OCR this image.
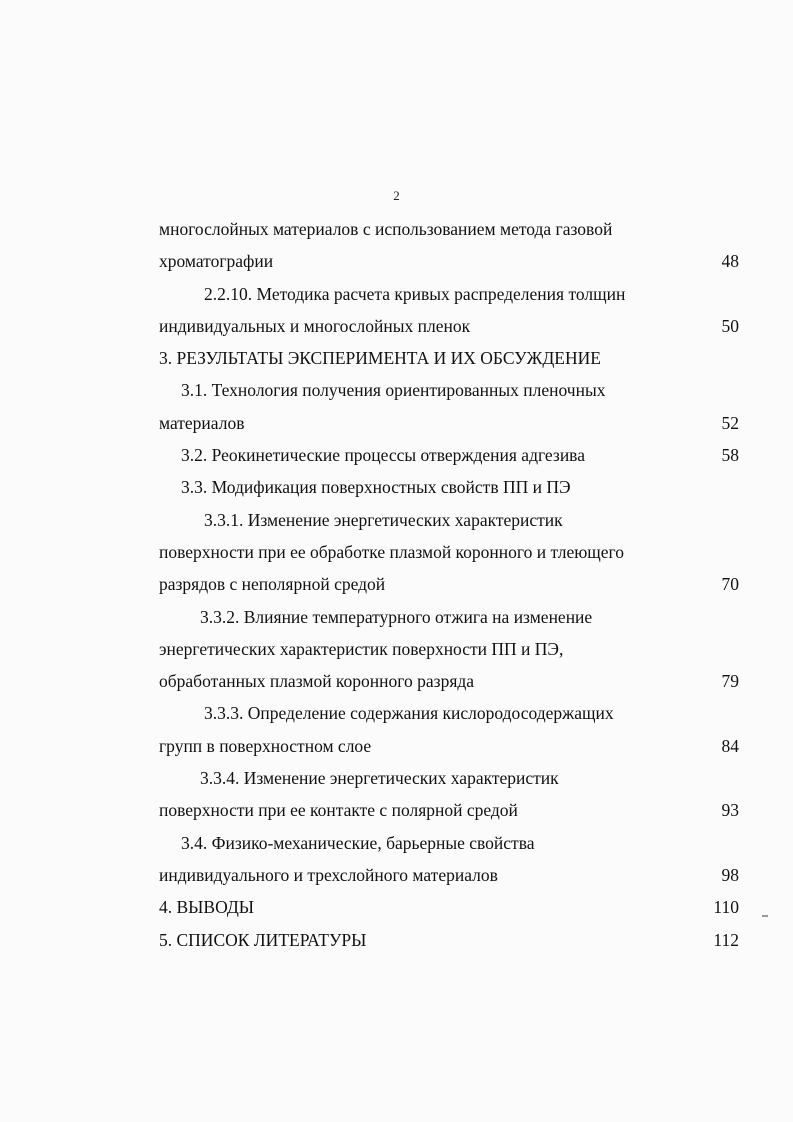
2
многослойных материалов с использованием метода газовой
хроматографии	48
2.2.10. Методика расчета кривых распределения толщин
индивидуальных и многослойных пленок	50
3. РЕЗУЛЬТАТЫ ЭКСПЕРИМЕНТА И ИХ ОБСУЖДЕНИЕ
3.1. Технология получения ориентированных пленочных
материалов	52
3.2. Реокинетические процессы отверждения адгезива	58
3.3. Модификация поверхностных свойств ПП и ПЭ
3.3.1. Изменение энергетических характеристик
поверхности при ее обработке плазмой коронного и тлеющего
разрядов с неполярной средой	70
3.3.2. Влияние температурного отжига на изменение
энергетических характеристик поверхности ПП и ПЭ,
обработанных плазмой коронного разряда	79
3.3.3. Определение содержания кислородосодержащих
групп в поверхностном слое	84
3.3.4. Изменение энергетических характеристик
поверхности при ее контакте с полярной средой	93
3.4. Физико-механические, барьерные свойства
индивидуального и трехслойного материалов	98
4. ВЫВОДЫ	110
5. СПИСОК ЛИТЕРАТУРЫ	112
